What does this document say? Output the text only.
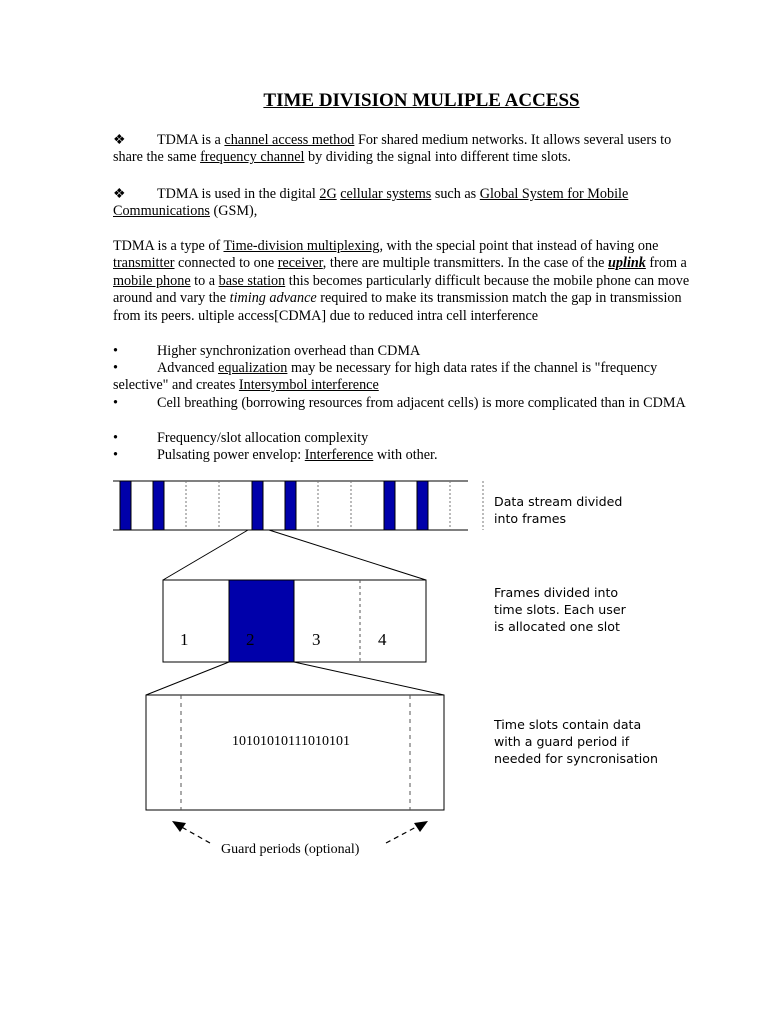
TIME DIVISION MULIPLE ACCESS
❖ TDMA is a channel access method For shared medium networks. It allows several users to share the same frequency channel by dividing the signal into different time slots.
❖ TDMA is used in the digital 2G cellular systems such as Global System for Mobile Communications (GSM),
TDMA is a type of Time-division multiplexing, with the special point that instead of having one transmitter connected to one receiver, there are multiple transmitters. In the case of the uplink from a mobile phone to a base station this becomes particularly difficult because the mobile phone can move around and vary the timing advance required to make its transmission match the gap in transmission from its peers. ultiple access[CDMA] due to reduced intra cell interference
•	Higher synchronization overhead than CDMA
•	Advanced equalization may be necessary for high data rates if the channel is "frequency selective" and creates Intersymbol interference
•	Cell breathing (borrowing resources from adjacent cells) is more complicated than in CDMA
•	Frequency/slot allocation complexity
•	Pulsating power envelop: Interference with other.
1	2	3	4
10101010111010101
Guard periods (optional)
Data stream divided
into frames
Frames divided into
time slots. Each user
is allocated one slot
Time slots contain data
with a guard period if
needed for syncronisation
